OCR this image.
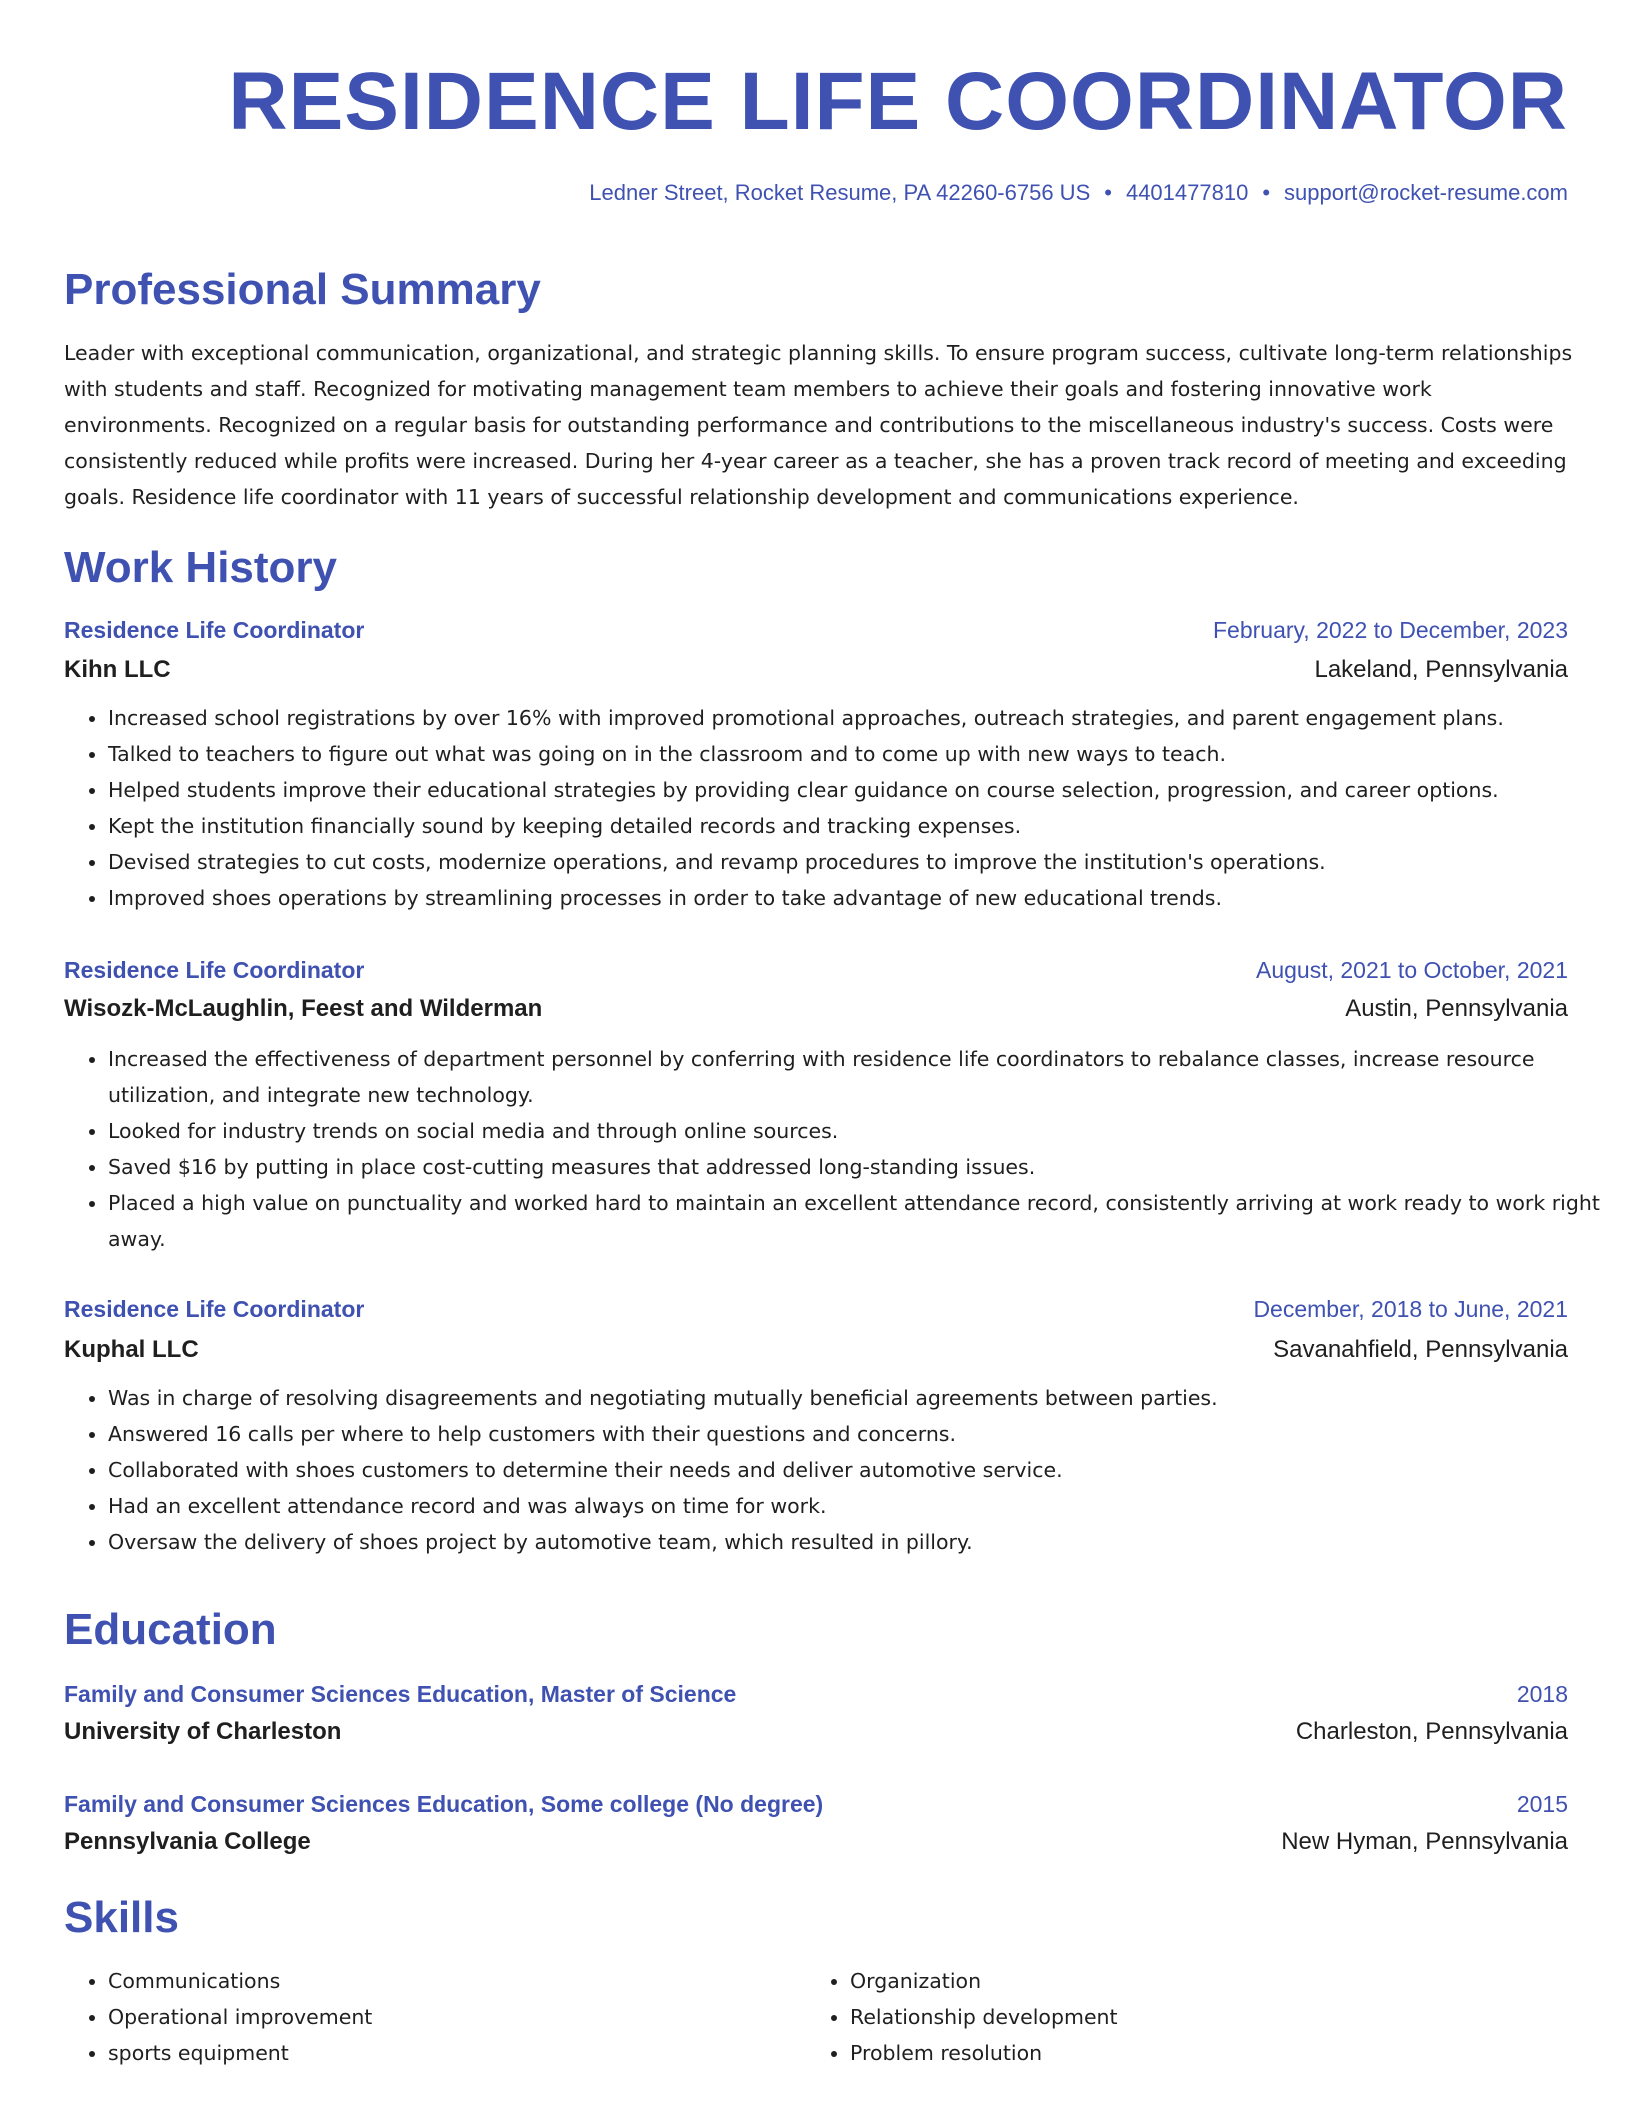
RESIDENCE LIFE COORDINATOR
Ledner Street, Rocket Resume, PA 42260-6756 US • 4401477810 • support@rocket-resume.com
Professional Summary

Leader with exceptional communication, organizational, and strategic planning skills. To ensure program success, cultivate long-term relationships with students and staff. Recognized for motivating management team members to achieve their goals and fostering innovative work environments. Recognized on a regular basis for outstanding performance and contributions to the miscellaneous industry's success. Costs were consistently reduced while profits were increased. During her 4-year career as a teacher, she has a proven track record of meeting and exceeding goals. Residence life coordinator with 11 years of successful relationship development and communications experience.

Work History
Residence Life Coordinator	February, 2022 to December, 2023
Kihn LLC	Lakeland, Pennsylvania
• Increased school registrations by over 16% with improved promotional approaches, outreach strategies, and parent engagement plans.
• Talked to teachers to figure out what was going on in the classroom and to come up with new ways to teach.
• Helped students improve their educational strategies by providing clear guidance on course selection, progression, and career options.
• Kept the institution financially sound by keeping detailed records and tracking expenses.
• Devised strategies to cut costs, modernize operations, and revamp procedures to improve the institution's operations.
• Improved shoes operations by streamlining processes in order to take advantage of new educational trends.
Residence Life Coordinator	August, 2021 to October, 2021
Wisozk-McLaughlin, Feest and Wilderman	Austin, Pennsylvania
• Increased the effectiveness of department personnel by conferring with residence life coordinators to rebalance classes, increase resource utilization, and integrate new technology.
• Looked for industry trends on social media and through online sources.
• Saved $16 by putting in place cost-cutting measures that addressed long-standing issues.
• Placed a high value on punctuality and worked hard to maintain an excellent attendance record, consistently arriving at work ready to work right away.
Residence Life Coordinator	December, 2018 to June, 2021
Kuphal LLC	Savanahfield, Pennsylvania
• Was in charge of resolving disagreements and negotiating mutually beneficial agreements between parties.
• Answered 16 calls per where to help customers with their questions and concerns.
• Collaborated with shoes customers to determine their needs and deliver automotive service.
• Had an excellent attendance record and was always on time for work.
• Oversaw the delivery of shoes project by automotive team, which resulted in pillory.
Education
Family and Consumer Sciences Education, Master of Science	2018
University of Charleston	Charleston, Pennsylvania
Family and Consumer Sciences Education, Some college (No degree)	2015
Pennsylvania College	New Hyman, Pennsylvania
Skills
• Communications
• Operational improvement
• sports equipment
• Organization
• Relationship development
• Problem resolution
